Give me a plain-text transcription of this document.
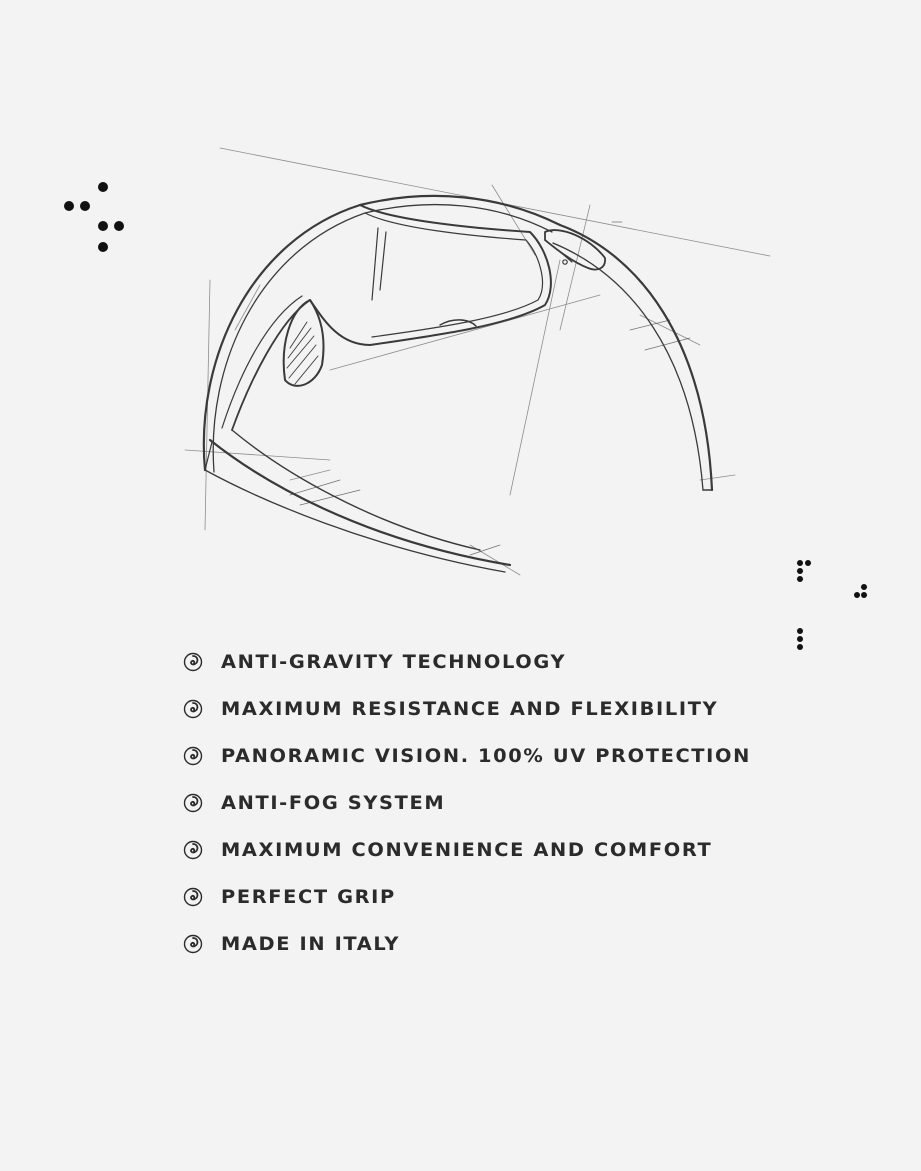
ANTI-GRAVITY TECHNOLOGY
MAXIMUM RESISTANCE AND FLEXIBILITY
PANORAMIC VISION. 100% UV PROTECTION
ANTI-FOG SYSTEM
MAXIMUM CONVENIENCE AND COMFORT
PERFECT GRIP
MADE IN ITALY
